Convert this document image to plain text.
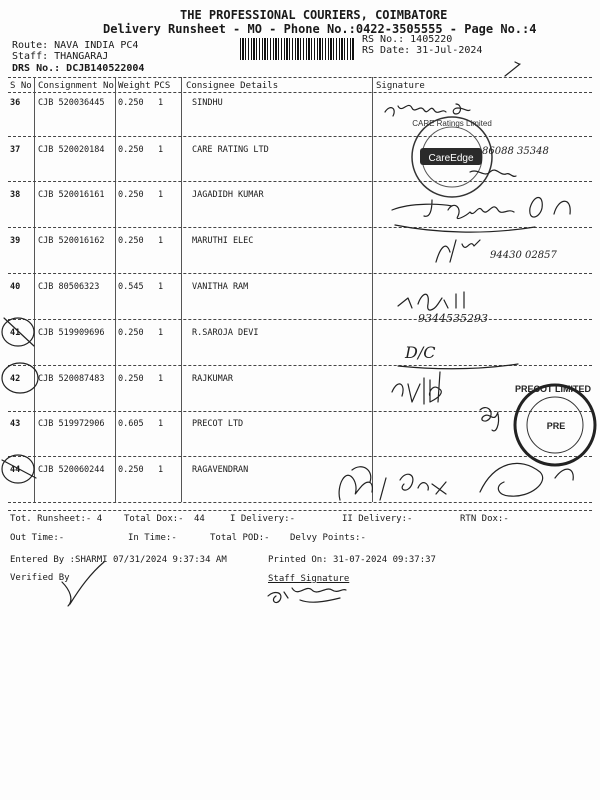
THE PROFESSIONAL COURIERS, COIMBATORE
Delivery Runsheet - MO - Phone No.:0422-3505555 - Page No.:4
Route: NAVA INDIA PC4
Staff: THANGARAJ
DRS No.: DCJB140522004
RS No.: 1405220
RS Date: 31-Jul-2024
S No Consignment No Weight PCS Consignee Details	Signature
36 CJB 520036445 0.250 1	SINDHU
37 CJB 520020184 0.250 1	CARE RATING LTD
38 CJB 520016161 0.250 1	JAGADIDH KUMAR
39 CJB 520016162 0.250 1	MARUTHI ELEC
40 CJB 80506323 0.545 1	VANITHA RAM
41 CJB 519909696 0.250 1	R.SAROJA DEVI
42 CJB 520087483 0.250 1	RAJKUMAR
43 CJB 519972906 0.605 1	PRECOT LTD
44 CJB 520060244 0.250 1	RAGAVENDRAN
Tot. Runsheet:- 4 Total Dox:- 44	I Delivery:-	II Delivery:-	RTN Dox:-
Out Time:-	In Time:-	Total POD:- Delvy Points:-
Entered By :SHARMI 07/31/2024 9:37:34 AM	Printed On: 31-07-2024 09:37:37
Verified By	Staff Signature
CareEdge
CARE Ratings Limited
86088 35348
94430 02857
9344535293
D/C
PRECOT LIMITED
PRE
